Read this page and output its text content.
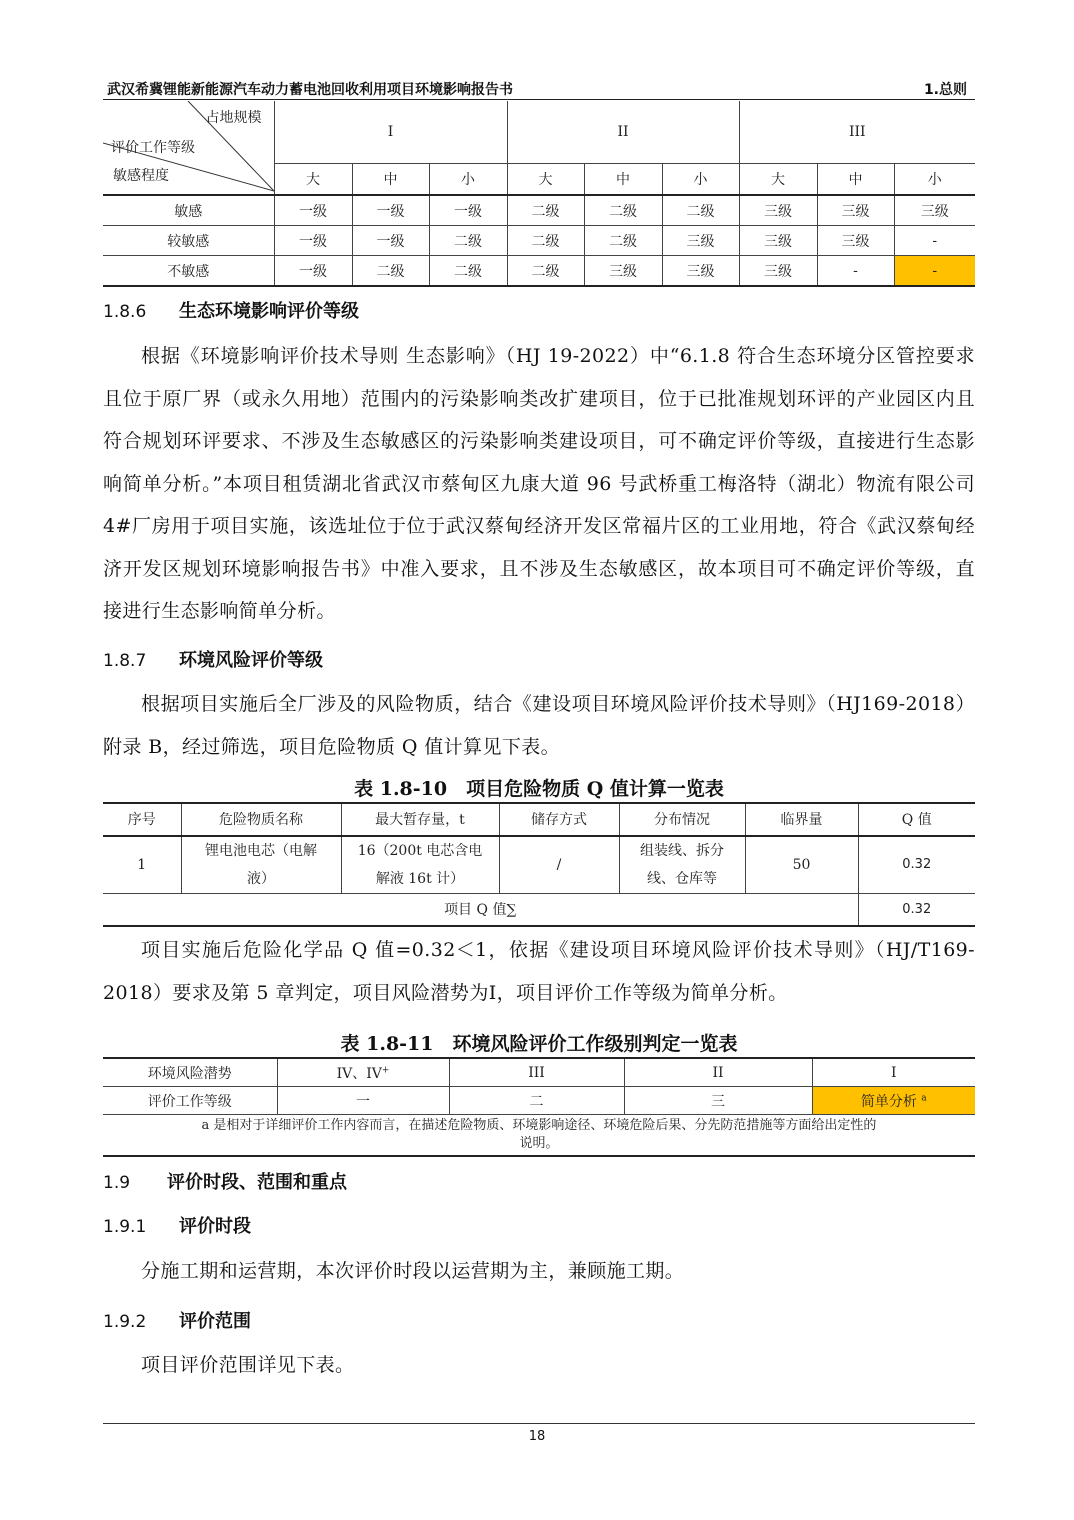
武汉希冀锂能新能源汽车动力蓄电池回收利用项目环境影响报告书	1.总则
占地规模
评价工作等级
敏感程度	I			II			III		
	大	中	小	大	中	小	大	中	小
敏感	一级	一级	一级	二级	二级	二级	三级	三级	三级
较敏感	一级	一级	二级	二级	二级	三级	三级	三级	-
不敏感	一级	二级	二级	二级	三级	三级	三级	-	-
1.8.6 生态环境影响评价等级

根据《环境影响评价技术导则 生态影响》（HJ 19-2022）中“6.1.8 符合生态环境分区管控要求且位于原厂界（或永久用地）范围内的污染影响类改扩建项目，位于已批准规划环评的产业园区内且符合规划环评要求、不涉及生态敏感区的污染影响类建设项目，可不确定评价等级，直接进行生态影响简单分析。”本项目租赁湖北省武汉市蔡甸区九康大道 96 号武桥重工梅洛特（湖北）物流有限公司 4#厂房用于项目实施，该选址位于位于武汉蔡甸经济开发区常福片区的工业用地，符合《武汉蔡甸经济开发区规划环境影响报告书》中准入要求，且不涉及生态敏感区，故本项目可不确定评价等级，直接进行生态影响简单分析。

1.8.7 环境风险评价等级

根据项目实施后全厂涉及的风险物质，结合《建设项目环境风险评价技术导则》（HJ169-2018）附录 B，经过筛选，项目危险物质 Q 值计算见下表。

表 1.8-10　项目危险物质 Q 值计算一览表

序号	危险物质名称	最大暂存量，t	储存方式	分布情况	临界量	Q 值
1	锂电池电芯（电解
液）	16（200t 电芯含电
解液 16t 计）	/	组装线、拆分
线、仓库等	50	0.32
项目 Q 值∑						0.32

项目实施后危险化学品 Q 值=0.32＜1，依据《建设项目环境风险评价技术导则》（HJ/T169-2018）要求及第 5 章判定，项目风险潜势为I，项目评价工作等级为简单分析。

表 1.8-11　环境风险评价工作级别判定一览表

环境风险潜势	IV、IV+	III	II	I
评价工作等级	一	二	三	简单分析 $^a$
a 是相对于详细评价工作内容而言，在描述危险物质、环境影响途径、环境危险后果、分先防范措施等方面给出定性的
说明。				
1.9 评价时段、范围和重点
1.9.1 评价时段

分施工期和运营期，本次评价时段以运营期为主，兼顾施工期。

1.9.2 评价范围

项目评价范围详见下表。

18
